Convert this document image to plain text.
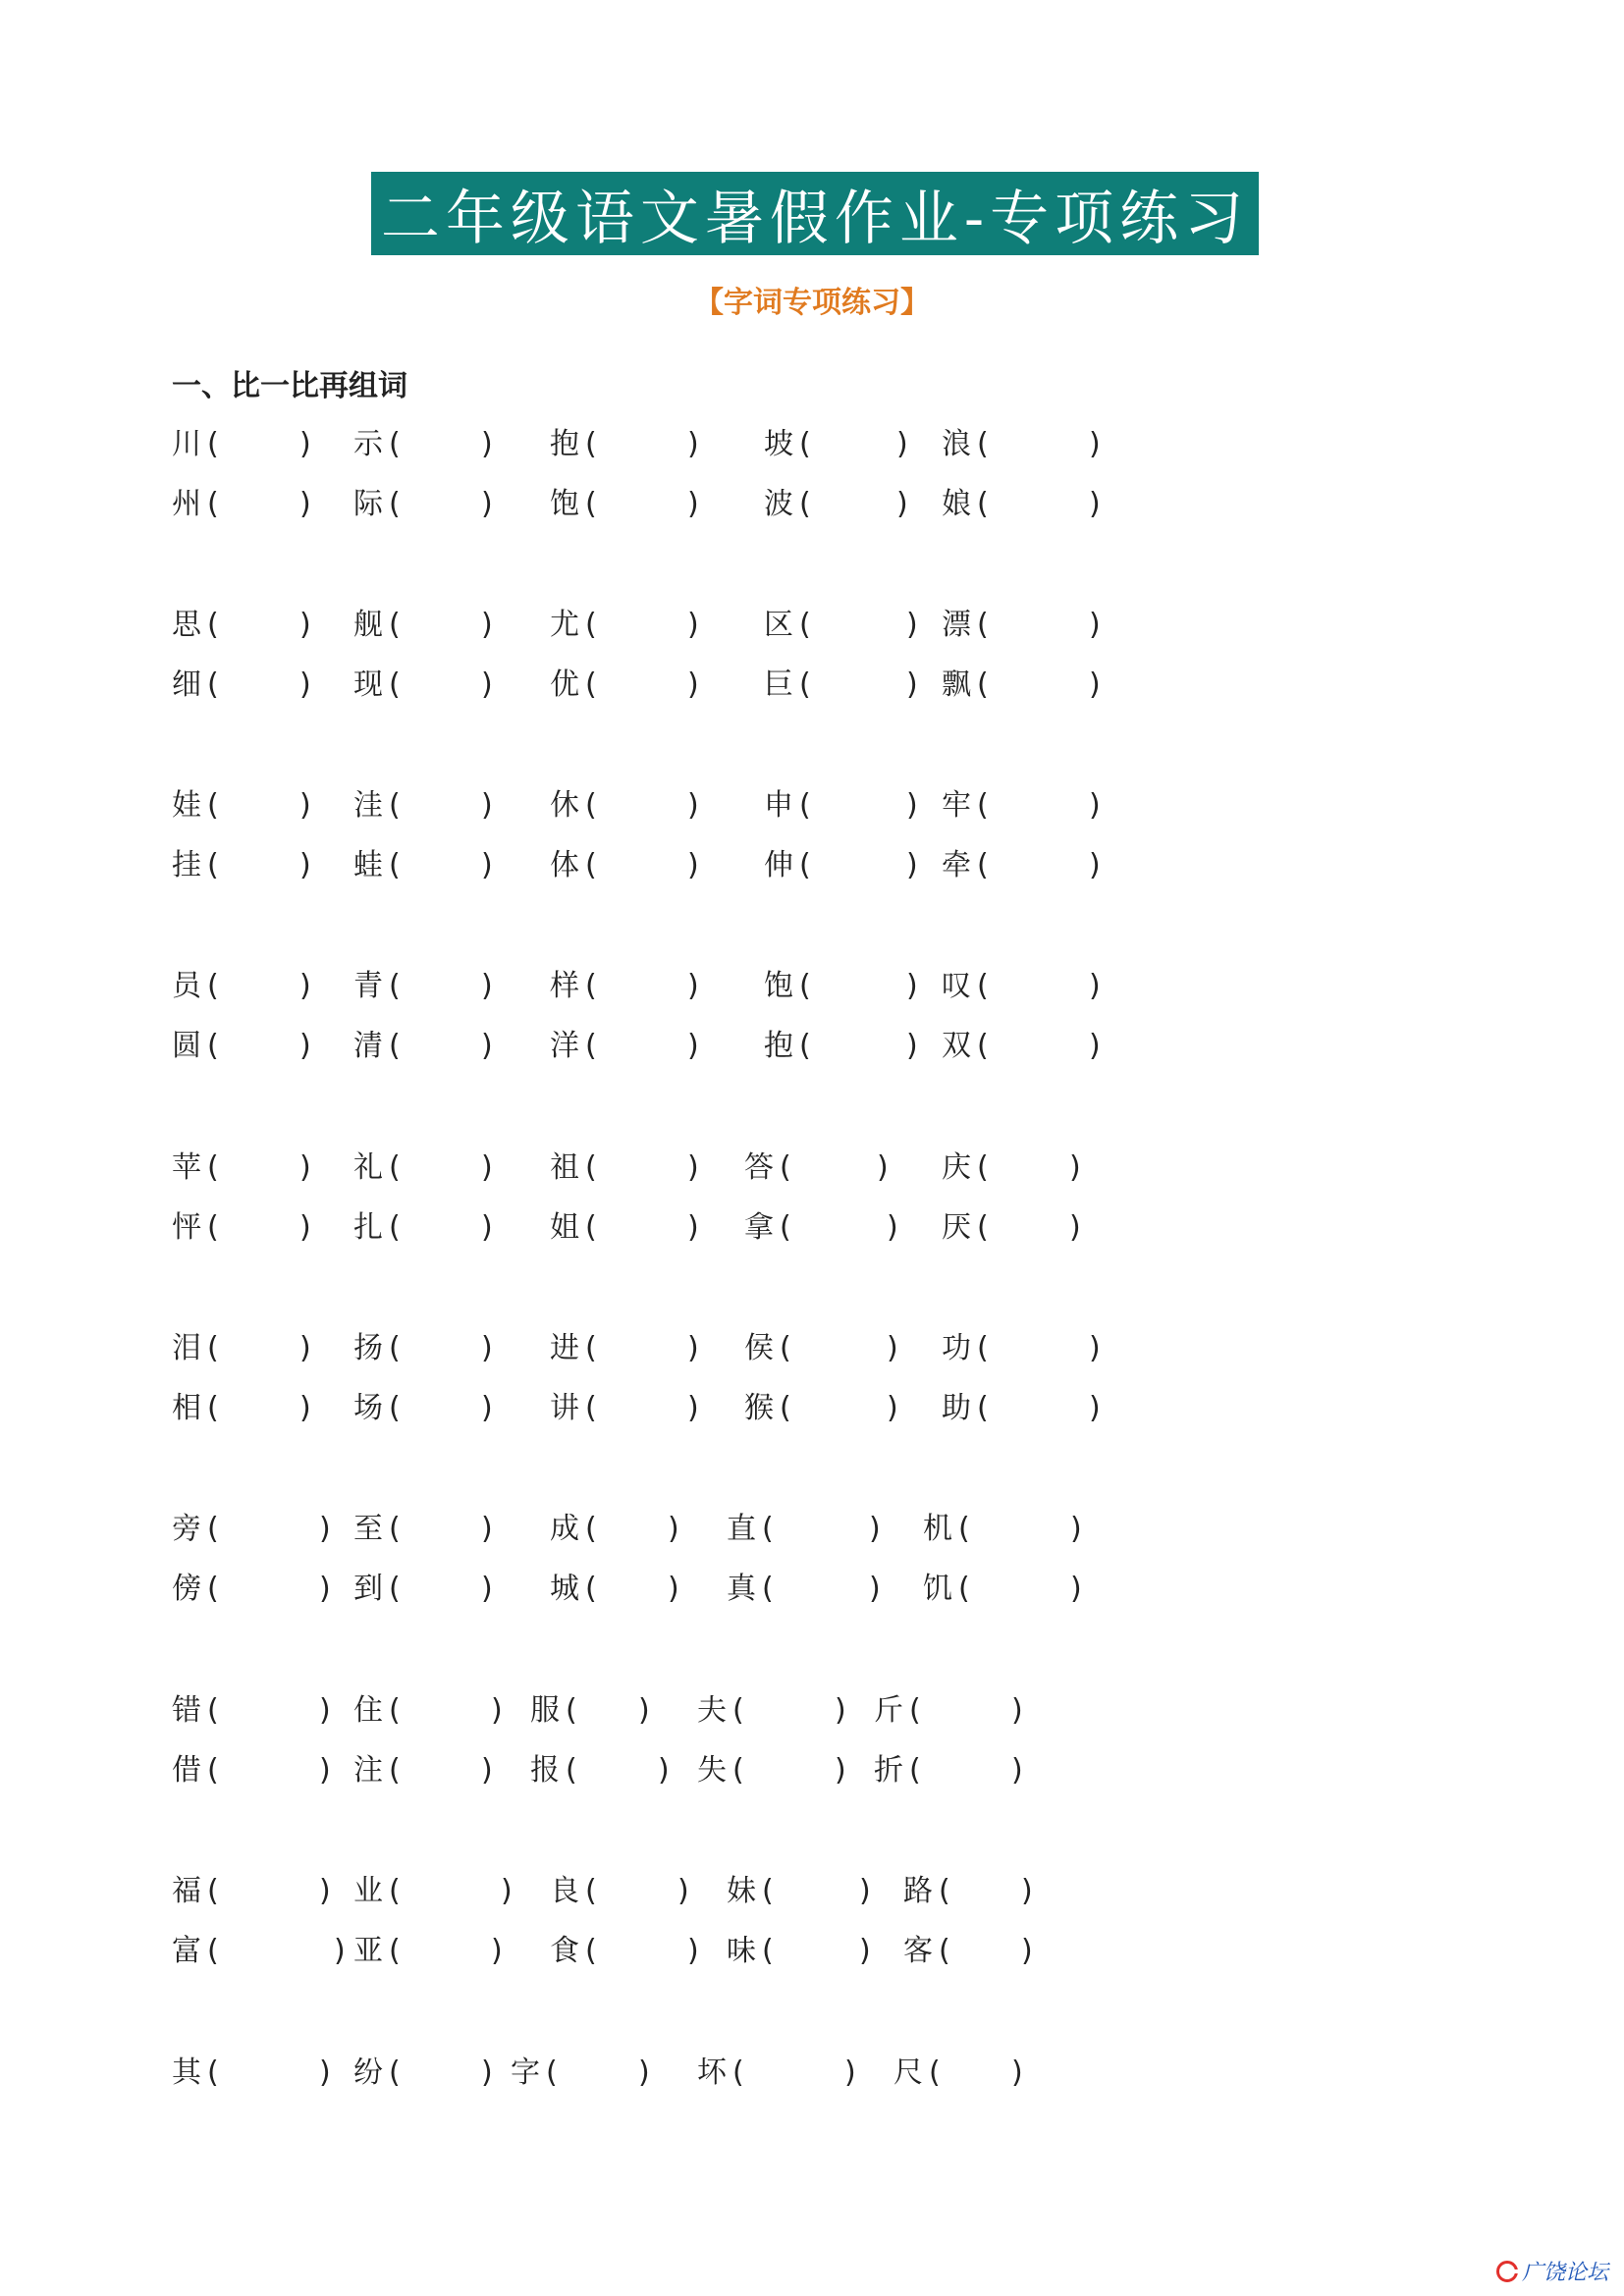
二年级语文暑假作业-专项练习
【字词专项练习】
一、比一比再组词
川 (	) 示 (	) 抱 (	) 坡 (	) 浪 (	)
州 (	) 际 (	) 饱 (	) 波 (	) 娘 (	)
思 (	) 舰 (	) 尤 (	) 区 (	) 漂 (	)
细 (	) 现 (	) 优 (	) 巨 (	) 飘 (	)
娃 (	) 洼 (	) 休 (	) 申 (	) 牢 (	)
挂 (	) 蛙 (	) 体 (	) 伸 (	) 牵 (	)
员 (	) 青 (	) 样 (	) 饱 (	) 叹 (	)
圆 (	) 清 (	) 洋 (	) 抱 (	) 双 (	)
苹 (	) 礼 (	) 祖 (	) 答 (	) 庆 (	)
怦 (	) 扎 (	) 姐 (	) 拿 (	) 厌 (	)
泪 (	) 扬 (	) 进 (	) 侯 (	) 功 (	)
相 (	) 场 (	) 讲 (	) 猴 (	) 助 (	)
旁 (	) 至 (	) 成 ( ) 直 (	) 机 (	)
傍 (	) 到 (	) 城 ( ) 真 (	) 饥 (	)
错 (	) 住 (	) 服 ( ) 夫 (	) 斤 (	)
借 (	) 注 (	) 报 (	) 失 (	) 折 (	)
福 (	) 业 (	) 良 (	) 妹 (	) 路 ( )
富 (	) 亚 (	) 食 (	) 味 (	) 客 ( )
其 (	) 纷 (	) 字 (	) 坏 (	) 尺 ( )
广饶论坛
